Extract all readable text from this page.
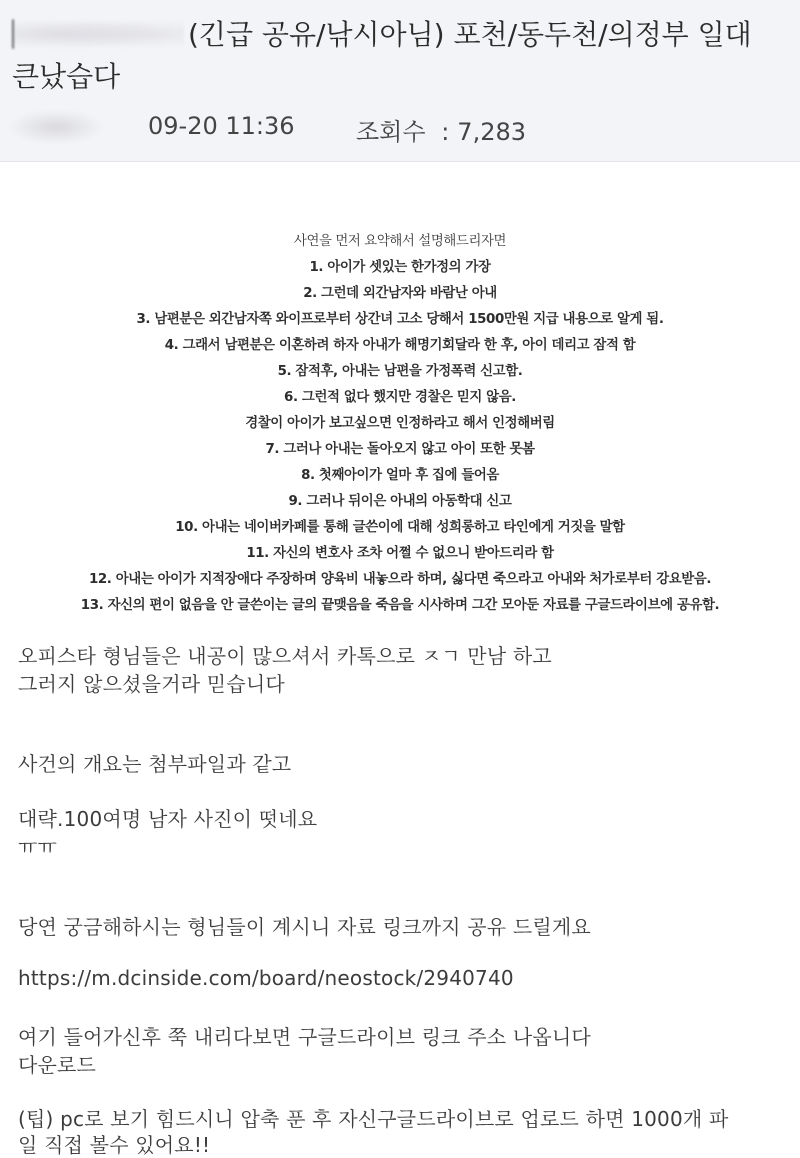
(긴급 공유/낚시아님) 포천/동두천/의정부 일대 큰났습다
09-20 11:36	조회수 : 7,283
사연을 먼저 요약해서 설명해드리자면
1. 아이가 셋있는 한가정의 가장
2. 그런데 외간남자와 바람난 아내
3. 남편분은 외간남자쪽 와이프로부터 상간녀 고소 당해서 1500만원 지급 내용으로 알게 됨.
4. 그래서 남편분은 이혼하려 하자 아내가 해명기회달라 한 후, 아이 데리고 잠적 함
5. 잠적후, 아내는 남편을 가정폭력 신고함.
6. 그런적 없다 했지만 경찰은 믿지 않음.
경찰이 아이가 보고싶으면 인정하라고 해서 인정해버림
7. 그러나 아내는 돌아오지 않고 아이 또한 못봄
8. 첫째아이가 얼마 후 집에 들어옴
9. 그러나 뒤이은 아내의 아동학대 신고
10. 아내는 네이버카페를 통해 글쓴이에 대해 성희롱하고 타인에게 거짓을 말함
11. 자신의 변호사 조차 어쩔 수 없으니 받아드리라 함
12. 아내는 아이가 지적장애다 주장하며 양육비 내놓으라 하며, 싫다면 죽으라고 아내와 처가로부터 강요받음.
13. 자신의 편이 없음을 안 글쓴이는 글의 끝맺음을 죽음을 시사하며 그간 모아둔 자료를 구글드라이브에 공유함.
오피스타 형님들은 내공이 많으셔서 카톡으로 ㅈㄱ 만남 하고
그러지 않으셨을거라 믿습니다
사건의 개요는 첨부파일과 같고
대략.100여명 남자 사진이 떳네요
ㅠㅠ
당연 궁금해하시는 형님들이 계시니 자료 링크까지 공유 드릴게요
https://m.dcinside.com/board/neostock/2940740
여기 들어가신후 쭉 내리다보면 구글드라이브 링크 주소 나옵니다
다운로드
(팁) pc로 보기 힘드시니 압축 푼 후 자신구글드라이브로 업로드 하면 1000개 파
일 직접 볼수 있어요!!
